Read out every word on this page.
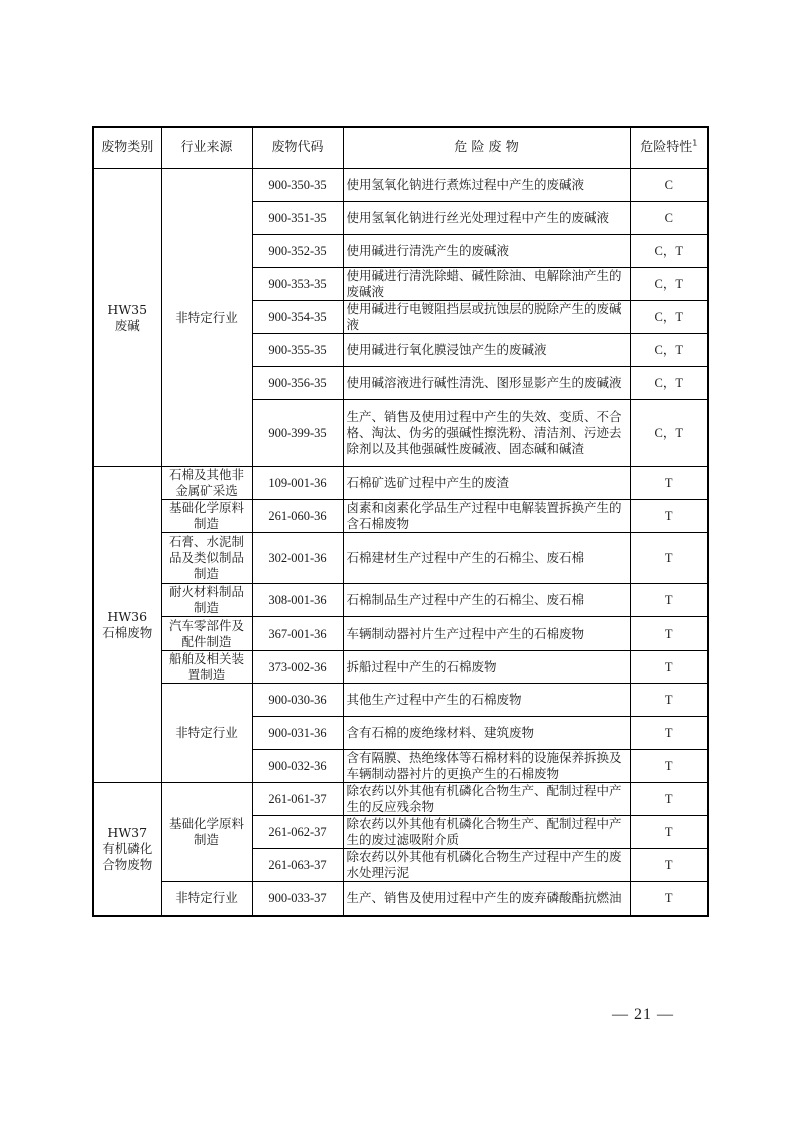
废物类别	行业来源	废物代码	危 险 废 物	危险特性$^1$

HW35
废碱	非特定行业	900-350-35	使用氢氧化钠进行煮炼过程中产生的废碱液	C
		900-351-35	使用氢氧化钠进行丝光处理过程中产生的废碱液	C
		900-352-35	使用碱进行清洗产生的废碱液	C，T
		900-353-35	使用碱进行清洗除蜡、碱性除油、电解除油产生的废碱液	C，T
		900-354-35	使用碱进行电镀阻挡层或抗蚀层的脱除产生的废碱液	C，T
		900-355-35	使用碱进行氧化膜浸蚀产生的废碱液	C，T
		900-356-35	使用碱溶液进行碱性清洗、图形显影产生的废碱液	C，T
		900-399-35	生产、销售及使用过程中产生的失效、变质、不合格、淘汰、伪劣的强碱性擦洗粉、清洁剂、污迹去除剂以及其他强碱性废碱液、固态碱和碱渣	C，T

HW36
石棉废物	石棉及其他非
金属矿采选	109-001-36	石棉矿选矿过程中产生的废渣	T

	基础化学原料
制造	261-060-36	卤素和卤素化学品生产过程中电解装置拆换产生的含石棉废物	T

	石膏、水泥制
品及类似制品
制造	302-001-36	石棉建材生产过程中产生的石棉尘、废石棉	T

	耐火材料制品
制造	308-001-36	石棉制品生产过程中产生的石棉尘、废石棉	T

	汽车零部件及
配件制造	367-001-36	车辆制动器衬片生产过程中产生的石棉废物	T

	船舶及相关装
置制造	373-002-36	拆船过程中产生的石棉废物	T

	非特定行业	900-030-36	其他生产过程中产生的石棉废物	T
		900-031-36	含有石棉的废绝缘材料、建筑废物	T
		900-032-36	含有隔膜、热绝缘体等石棉材料的设施保养拆换及车辆制动器衬片的更换产生的石棉废物	T

HW37
有机磷化
合物废物	基础化学原料
制造	261-061-37	除农药以外其他有机磷化合物生产、配制过程中产生的反应残余物	T
		261-062-37	除农药以外其他有机磷化合物生产、配制过程中产生的废过滤吸附介质	T
		261-063-37	除农药以外其他有机磷化合物生产过程中产生的废水处理污泥	T

	非特定行业	900-033-37	生产、销售及使用过程中产生的废弃磷酸酯抗燃油	T
— 21 —
